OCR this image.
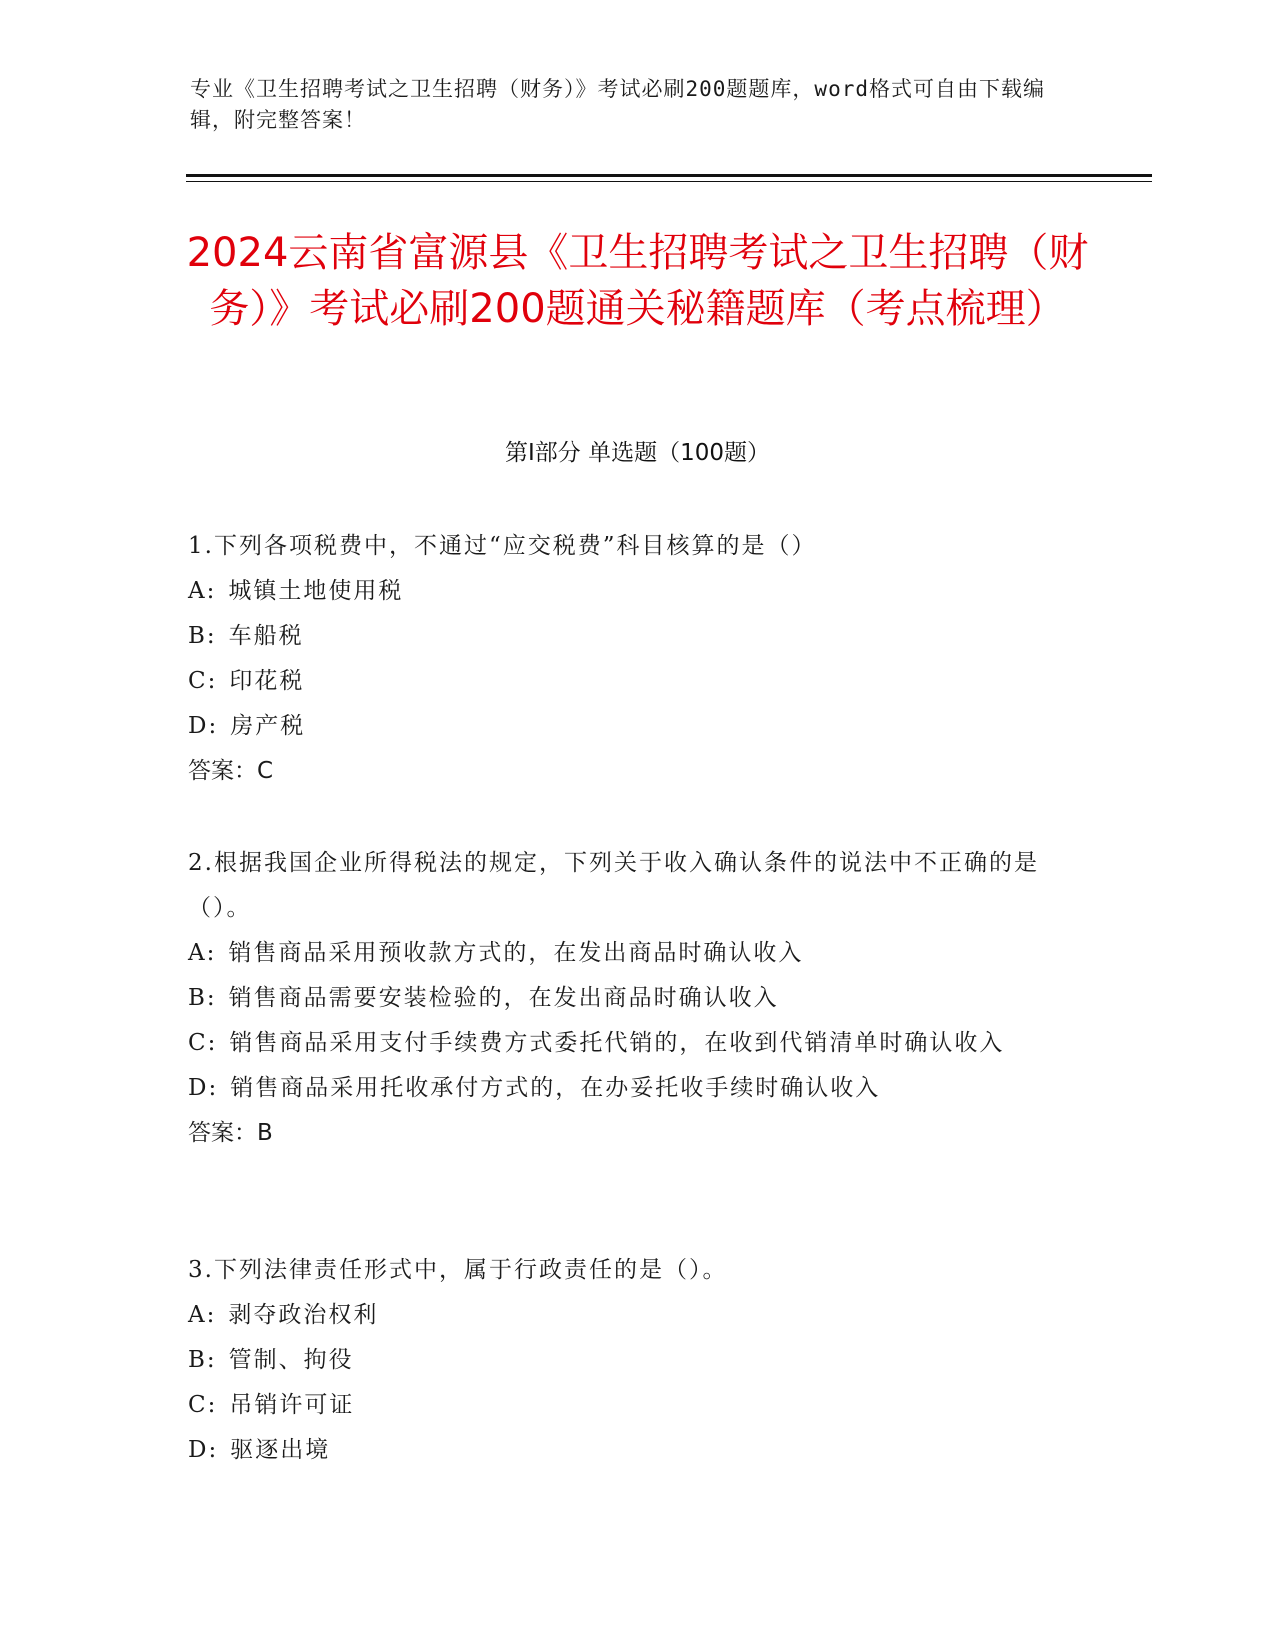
专业《卫生招聘考试之卫生招聘（财务）》考试必刷200题题库，word格式可自由下载编辑，附完整答案！
2024云南省富源县《卫生招聘考试之卫生招聘（财务）》考试必刷200题通关秘籍题库（考点梳理）
第Ⅰ部分 单选题（100题）

1.下列各项税费中，不通过“应交税费”科目核算的是（）

A: 城镇土地使用税

B: 车船税

C: 印花税

D: 房产税

答案：C

2.根据我国企业所得税法的规定，下列关于收入确认条件的说法中不正确的是（）。

A: 销售商品采用预收款方式的，在发出商品时确认收入

B: 销售商品需要安装检验的，在发出商品时确认收入

C: 销售商品采用支付手续费方式委托代销的，在收到代销清单时确认收入

D: 销售商品采用托收承付方式的，在办妥托收手续时确认收入

答案：B

3.下列法律责任形式中，属于行政责任的是（）。

A: 剥夺政治权利

B: 管制、拘役

C: 吊销许可证

D: 驱逐出境
